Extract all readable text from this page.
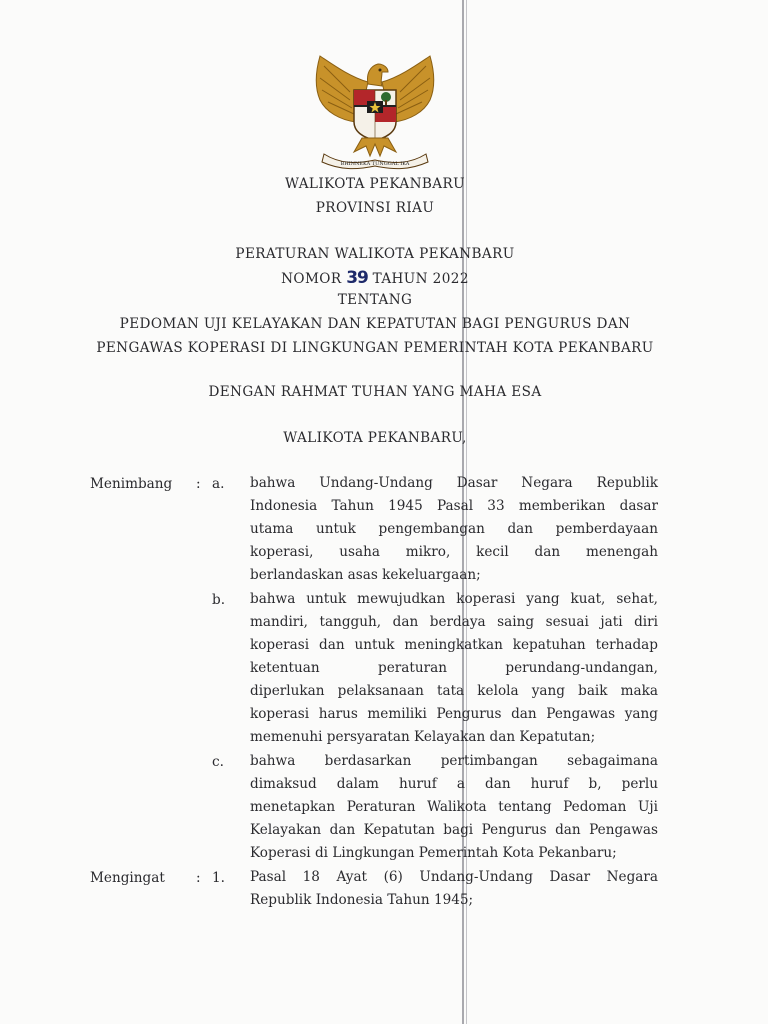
BHINNEKA TUNGGAL IKA
WALIKOTA PEKANBARU
PROVINSI RIAU
PERATURAN WALIKOTA PEKANBARU
NOMOR 39 TAHUN 2022
TENTANG
PEDOMAN UJI KELAYAKAN DAN KEPATUTAN BAGI PENGURUS DAN
PENGAWAS KOPERASI DI LINGKUNGAN PEMERINTAH KOTA PEKANBARU
DENGAN RAHMAT TUHAN YANG MAHA ESA
WALIKOTA PEKANBARU,
Menimbang : a. bahwa Undang-Undang Dasar Negara Republik
Indonesia Tahun 1945 Pasal 33 memberikan dasar
utama untuk pengembangan dan pemberdayaan
koperasi, usaha mikro, kecil dan menengah
berlandaskan asas kekeluargaan;
b. bahwa untuk mewujudkan koperasi yang kuat, sehat,
mandiri, tangguh, dan berdaya saing sesuai jati diri
koperasi dan untuk meningkatkan kepatuhan terhadap
ketentuan peraturan perundang-undangan,
diperlukan pelaksanaan tata kelola yang baik maka
koperasi harus memiliki Pengurus dan Pengawas yang
memenuhi persyaratan Kelayakan dan Kepatutan;
c. bahwa berdasarkan pertimbangan sebagaimana
dimaksud dalam huruf a dan huruf b, perlu
menetapkan Peraturan Walikota tentang Pedoman Uji
Kelayakan dan Kepatutan bagi Pengurus dan Pengawas
Koperasi di Lingkungan Pemerintah Kota Pekanbaru;
Mengingat : 1. Pasal 18 Ayat (6) Undang-Undang Dasar Negara
Republik Indonesia Tahun 1945;
